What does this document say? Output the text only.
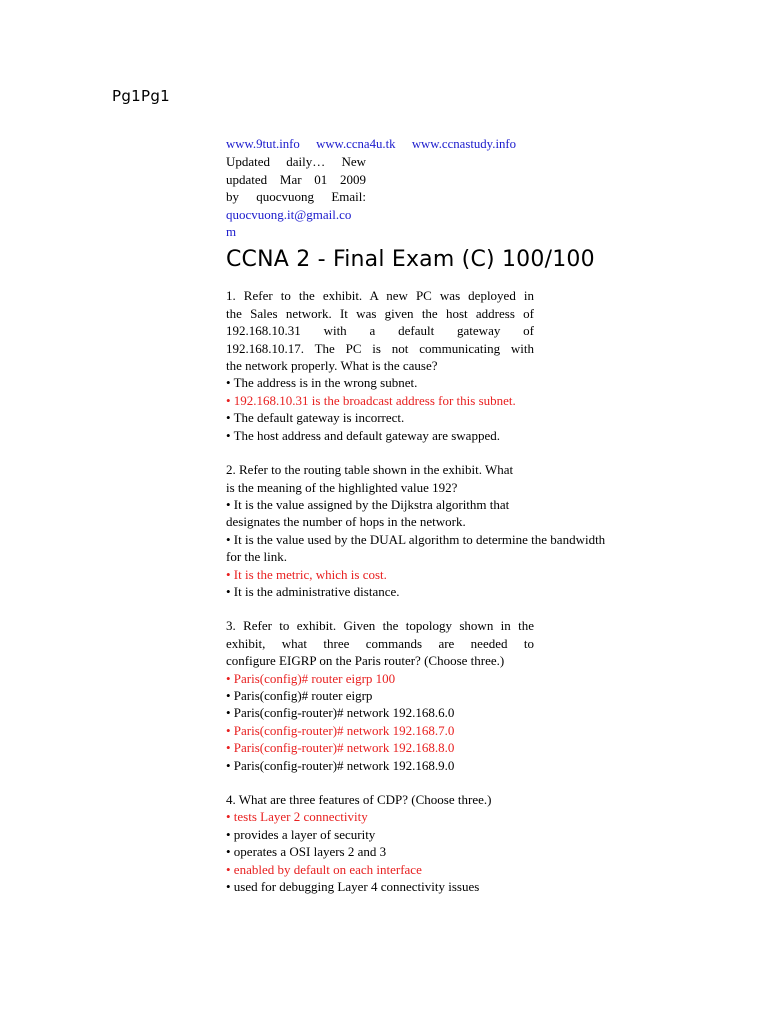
Pg1Pg1
www.9tut.info www.ccna4u.tk www.ccnastudy.info
Updated daily… New
updated Mar 01 2009
by quocvuong Email:
quocvuong.it@gmail.co
m
CCNA 2 - Final Exam (C) 100/100
1. Refer to the exhibit. A new PC was deployed in
the Sales network. It was given the host address of
192.168.10.31 with a default gateway of
192.168.10.17. The PC is not communicating with
the network properly. What is the cause?
• The address is in the wrong subnet.
• 192.168.10.31 is the broadcast address for this subnet.
• The default gateway is incorrect.
• The host address and default gateway are swapped.
2. Refer to the routing table shown in the exhibit. What
is the meaning of the highlighted value 192?
• It is the value assigned by the Dijkstra algorithm that
designates the number of hops in the network.
• It is the value used by the DUAL algorithm to determine the bandwidth
for the link.
• It is the metric, which is cost.
• It is the administrative distance.
3. Refer to exhibit. Given the topology shown in the
exhibit, what three commands are needed to
configure EIGRP on the Paris router? (Choose three.)
• Paris(config)# router eigrp 100
• Paris(config)# router eigrp
• Paris(config-router)# network 192.168.6.0
• Paris(config-router)# network 192.168.7.0
• Paris(config-router)# network 192.168.8.0
• Paris(config-router)# network 192.168.9.0
4. What are three features of CDP? (Choose three.)
• tests Layer 2 connectivity
• provides a layer of security
• operates a OSI layers 2 and 3
• enabled by default on each interface
• used for debugging Layer 4 connectivity issues
